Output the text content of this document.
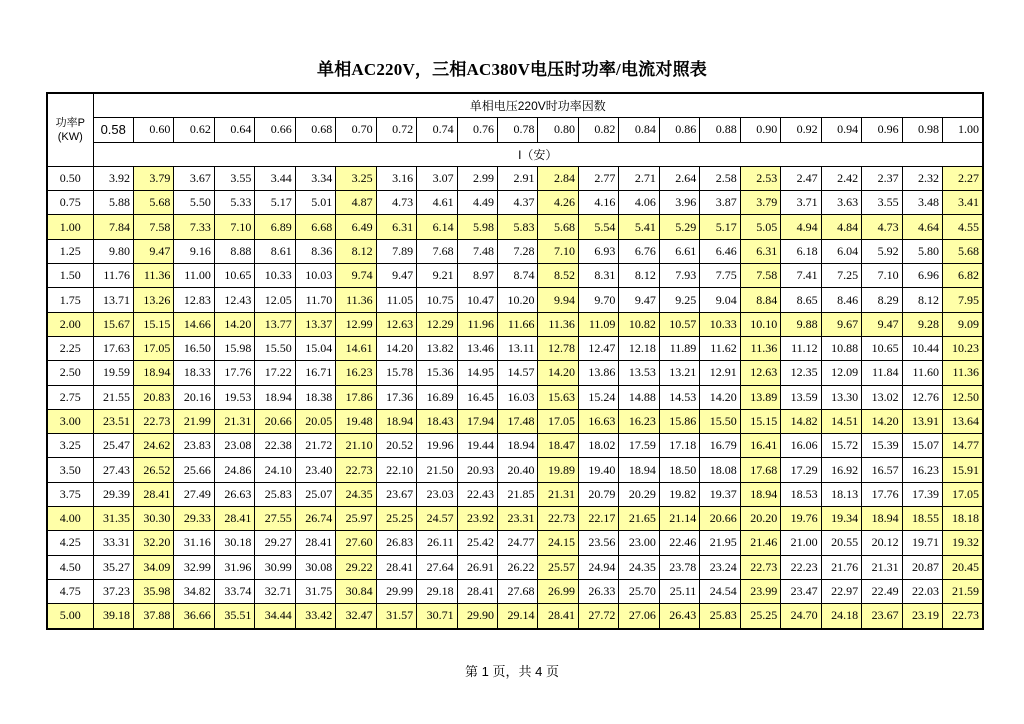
单相AC220V，三相AC380V电压时功率/电流对照表
功率P
(KW)	单相电压220V时功率因数																					
	0.58	0.60	0.62	0.64	0.66	0.68	0.70	0.72	0.74	0.76	0.78	0.80	0.82	0.84	0.86	0.88	0.90	0.92	0.94	0.96	0.98	1.00
	I（安）																					
0.50	3.92	3.79	3.67	3.55	3.44	3.34	3.25	3.16	3.07	2.99	2.91	2.84	2.77	2.71	2.64	2.58	2.53	2.47	2.42	2.37	2.32	2.27
0.75	5.88	5.68	5.50	5.33	5.17	5.01	4.87	4.73	4.61	4.49	4.37	4.26	4.16	4.06	3.96	3.87	3.79	3.71	3.63	3.55	3.48	3.41
1.00	7.84	7.58	7.33	7.10	6.89	6.68	6.49	6.31	6.14	5.98	5.83	5.68	5.54	5.41	5.29	5.17	5.05	4.94	4.84	4.73	4.64	4.55
1.25	9.80	9.47	9.16	8.88	8.61	8.36	8.12	7.89	7.68	7.48	7.28	7.10	6.93	6.76	6.61	6.46	6.31	6.18	6.04	5.92	5.80	5.68
1.50	11.76	11.36	11.00	10.65	10.33	10.03	9.74	9.47	9.21	8.97	8.74	8.52	8.31	8.12	7.93	7.75	7.58	7.41	7.25	7.10	6.96	6.82
1.75	13.71	13.26	12.83	12.43	12.05	11.70	11.36	11.05	10.75	10.47	10.20	9.94	9.70	9.47	9.25	9.04	8.84	8.65	8.46	8.29	8.12	7.95
2.00	15.67	15.15	14.66	14.20	13.77	13.37	12.99	12.63	12.29	11.96	11.66	11.36	11.09	10.82	10.57	10.33	10.10	9.88	9.67	9.47	9.28	9.09
2.25	17.63	17.05	16.50	15.98	15.50	15.04	14.61	14.20	13.82	13.46	13.11	12.78	12.47	12.18	11.89	11.62	11.36	11.12	10.88	10.65	10.44	10.23
2.50	19.59	18.94	18.33	17.76	17.22	16.71	16.23	15.78	15.36	14.95	14.57	14.20	13.86	13.53	13.21	12.91	12.63	12.35	12.09	11.84	11.60	11.36
2.75	21.55	20.83	20.16	19.53	18.94	18.38	17.86	17.36	16.89	16.45	16.03	15.63	15.24	14.88	14.53	14.20	13.89	13.59	13.30	13.02	12.76	12.50
3.00	23.51	22.73	21.99	21.31	20.66	20.05	19.48	18.94	18.43	17.94	17.48	17.05	16.63	16.23	15.86	15.50	15.15	14.82	14.51	14.20	13.91	13.64
3.25	25.47	24.62	23.83	23.08	22.38	21.72	21.10	20.52	19.96	19.44	18.94	18.47	18.02	17.59	17.18	16.79	16.41	16.06	15.72	15.39	15.07	14.77
3.50	27.43	26.52	25.66	24.86	24.10	23.40	22.73	22.10	21.50	20.93	20.40	19.89	19.40	18.94	18.50	18.08	17.68	17.29	16.92	16.57	16.23	15.91
3.75	29.39	28.41	27.49	26.63	25.83	25.07	24.35	23.67	23.03	22.43	21.85	21.31	20.79	20.29	19.82	19.37	18.94	18.53	18.13	17.76	17.39	17.05
4.00	31.35	30.30	29.33	28.41	27.55	26.74	25.97	25.25	24.57	23.92	23.31	22.73	22.17	21.65	21.14	20.66	20.20	19.76	19.34	18.94	18.55	18.18
4.25	33.31	32.20	31.16	30.18	29.27	28.41	27.60	26.83	26.11	25.42	24.77	24.15	23.56	23.00	22.46	21.95	21.46	21.00	20.55	20.12	19.71	19.32
4.50	35.27	34.09	32.99	31.96	30.99	30.08	29.22	28.41	27.64	26.91	26.22	25.57	24.94	24.35	23.78	23.24	22.73	22.23	21.76	21.31	20.87	20.45
4.75	37.23	35.98	34.82	33.74	32.71	31.75	30.84	29.99	29.18	28.41	27.68	26.99	26.33	25.70	25.11	24.54	23.99	23.47	22.97	22.49	22.03	21.59
5.00	39.18	37.88	36.66	35.51	34.44	33.42	32.47	31.57	30.71	29.90	29.14	28.41	27.72	27.06	26.43	25.83	25.25	24.70	24.18	23.67	23.19	22.73
第 1 页，共 4 页
